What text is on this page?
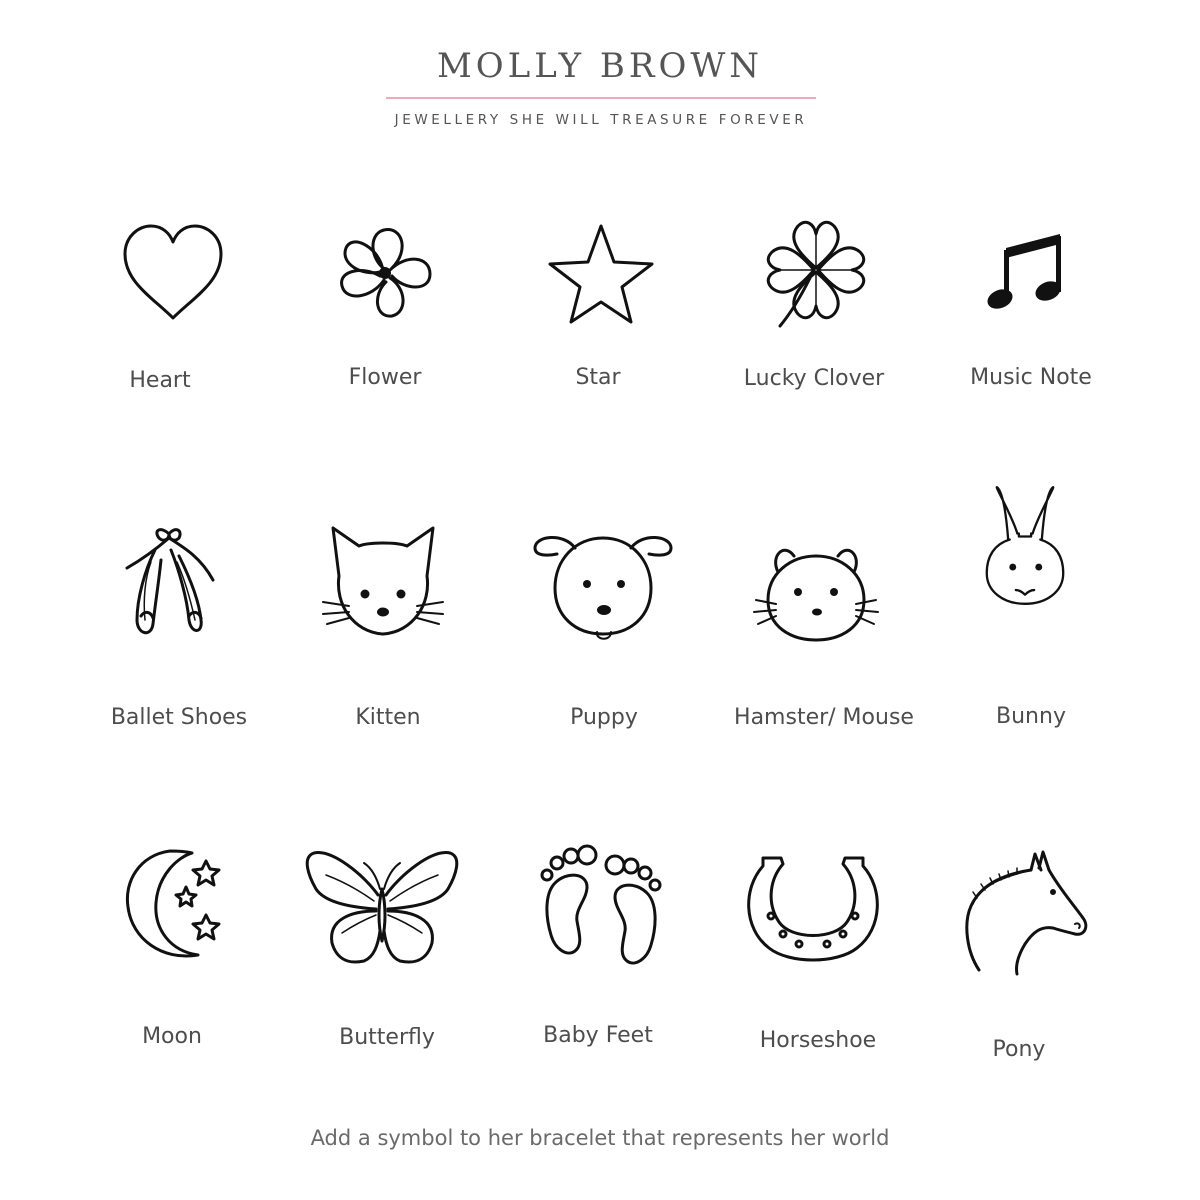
MOLLY BROWN
JEWELLERY SHE WILL TREASURE FOREVER
Heart	Flower	Star	Lucky Clover	Music Note
Ballet Shoes	Kitten	Puppy	Hamster/ Mouse	Bunny
Moon	Butterfly	Baby Feet	Horseshoe	Pony
Add a symbol to her bracelet that represents her world
